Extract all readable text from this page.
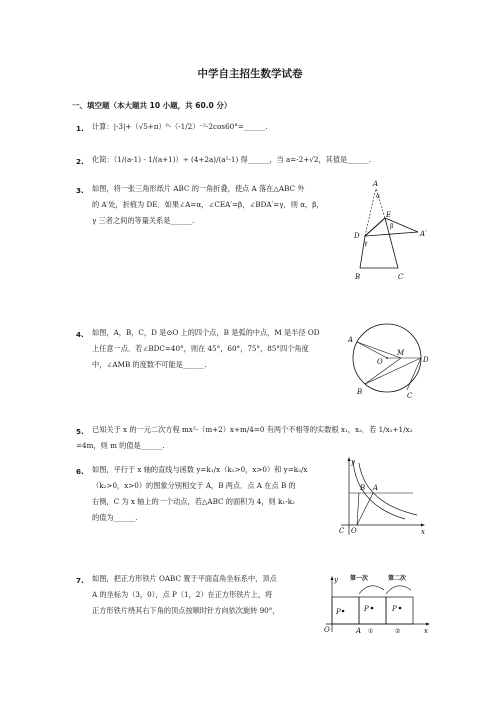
中学自主招生数学试卷
一、填空题（本大题共 10 小题，共 60.0 分）
1. 计算：|-3|+（√5+π）⁰-（-1/2）⁻²-2cos60°=______.
2. 化简：（1/(a-1) - 1/(a+1)）÷ (4+2a)/(a²-1) 得______，当 a=-2+√2，其值是______.
3. 如图，将一张三角形纸片 ABC 的一角折叠，使点 A 落在△ABC 外
的 A′处，折痕为 DE．如果∠A=α，∠CEA′=β，∠BDA′=γ，则 α，β，
γ 三者之间的等量关系是______.
A
α
E
β
A′
D
γ
B	C
4. 如图，A，B，C，D 是⊙O 上的四个点，B 是弧的中点，M 是半径 OD
上任意一点．若∠BDC=40°，则在 45°，60°，75°，85°四个角度
中，∠AMB 的度数不可能是______.
A
B
O
M
D
C
5. 已知关于 x 的一元二次方程 mx²-（m+2）x+m/4=0 有两个不相等的实数根 x₁，x₂．若 1/x₁+1/x₂
=4m，则 m 的值是______.
6. 如图，平行于 x 轴的直线与函数 y=k₁/x（k₁>0，x>0）和 y=k₂/x
（k₂>0，x>0）的图象分别相交于 A，B 两点．点 A 在点 B 的
右侧，C 为 x 轴上的一个动点，若△ABC 的面积为 4，则 k₁-k₂
的值为______.
y
B A
C O	x
7. 如图，把正方形铁片 OABC 置于平面直角坐标系中，顶点
A 的坐标为（3，0），点 P（1，2）在正方形铁片上，将
正方形铁片绕其右下角的顶点按顺时针方向依次旋转 90°，
第一次	第二次
y
P	P	P
O	A ①	②	x
